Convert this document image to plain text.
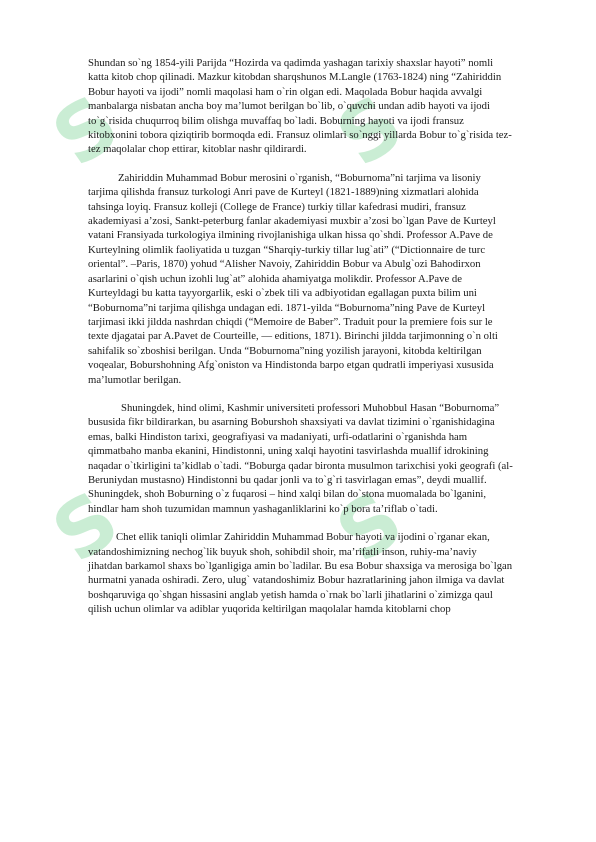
S S
S S

Shundan so`ng 1854-yili Parijda “Hozirda va qadimda yashagan tarixiy shaxslar hayoti” nomli katta kitob chop qilinadi. Mazkur kitobdan sharqshunos M.Langle (1763-1824) ning “Zahiriddin Bobur hayoti va ijodi” nomli maqolasi ham o`rin olgan edi. Maqolada Bobur haqida avvalgi manbalarga nisbatan ancha boy ma’lumot berilgan bo`lib, o`quvchi undan adib hayoti va ijodi to`g`risida chuqurroq bilim olishga muvaffaq bo`ladi. Boburning hayoti va ijodi fransuz kitobxonini tobora qiziqtirib bormoqda edi. Fransuz olimlari so`nggi yillarda Bobur to`g`risida tez-tez maqolalar chop ettirar, kitoblar nashr qildirardi.

Zahiriddin Muhammad Bobur merosini o`rganish, “Boburnoma”ni tarjima va lisoniy tarjima qilishda fransuz turkologi Anri pave de Kurteyl (1821-1889)ning xizmatlari alohida tahsinga loyiq. Fransuz kolleji (College de France) turkiy tillar kafedrasi mudiri, fransuz akademiyasi a’zosi, Sankt-peterburg fanlar akademiyasi muxbir a’zosi bo`lgan Pave de Kurteyl vatani Fransiyada turkologiya ilmining rivojlanishiga ulkan hissa qo`shdi. Professor A.Pave de Kurteylning olimlik faoliyatida u tuzgan “Sharqiy-turkiy tillar lug`ati” (“Dictionnaire de turc oriental”. –Paris, 1870) yohud “Alisher Navoiy, Zahiriddin Bobur va Abulg`ozi Bahodirxon asarlarini o`qish uchun izohli lug`at” alohida ahamiyatga molikdir. Professor A.Pave de Kurteyldagi bu katta tayyorgarlik, eski o`zbek tili va adbiyotidan egallagan puxta bilim uni “Boburnoma”ni tarjima qilishga undagan edi. 1871-yilda “Boburnoma”ning Pave de Kurteyl tarjimasi ikki jildda nashrdan chiqdi (“Memoire de Baber”. Traduit pour la premiere fois sur le texte djagatai par A.Pavet de Courteille, — editions, 1871). Birinchi jildda tarjimonning o`n olti sahifalik so`zboshisi berilgan. Unda “Boburnoma”ning yozilish jarayoni, kitobda keltirilgan voqealar, Boburshohning Afg`oniston va Hindistonda barpo etgan qudratli imperiyasi xususida ma’lumotlar berilgan.

Shuningdek, hind olimi, Kashmir universiteti professori Muhobbul Hasan “Boburnoma” bususida fikr bildirarkan, bu asarning Boburshoh shaxsiyati va davlat tizimini o`rganishidagina emas, balki Hindiston tarixi, geografiyasi va madaniyati, urfi-odatlarini o`rganishda ham qimmatbaho manba ekanini, Hindistonni, uning xalqi hayotini tasvirlashda muallif idrokining naqadar o`tkirligini ta’kidlab o`tadi. “Boburga qadar bironta musulmon tarixchisi yoki geografi (al-Beruniydan mustasno) Hindistonni bu qadar jonli va to`g`ri tasvirlagan emas”, deydi muallif. Shuningdek, shoh Boburning o`z fuqarosi – hind xalqi bilan do`stona muomalada bo`lganini, hindlar ham shoh tuzumidan mamnun yashaganliklarini ko`p bora ta’riflab o`tadi.

Chet ellik taniqli olimlar Zahiriddin Muhammad Bobur hayoti va ijodini o`rganar ekan, vatandoshimizning nechog`lik buyuk shoh, sohibdil shoir, ma’rifatli inson, ruhiy-ma’naviy jihatdan barkamol shaxs bo`lganligiga amin bo`ladilar. Bu esa Bobur shaxsiga va merosiga bo`lgan hurmatni yanada oshiradi. Zero, ulug` vatandoshimiz Bobur hazratlarining jahon ilmiga va davlat boshqaruviga qo`shgan hissasini anglab yetish hamda o`rnak bo`larli jihatlarini o`zimizga qaul qilish uchun olimlar va adiblar yuqorida keltirilgan maqolalar hamda kitoblarni chop
